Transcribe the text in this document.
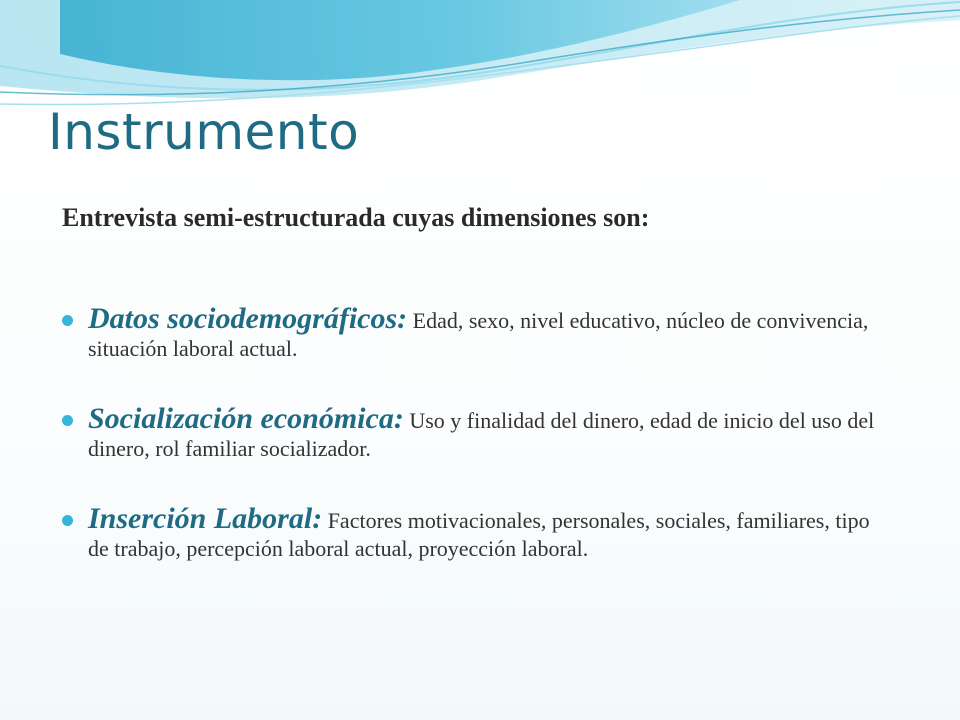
Instrumento

Entrevista semi-estructurada cuyas dimensiones son:

Datos sociodemográficos: Edad, sexo, nivel educativo, núcleo de convivencia, situación laboral actual.
Socialización económica: Uso y finalidad del dinero, edad de inicio del uso del dinero, rol familiar socializador.
Inserción Laboral: Factores motivacionales, personales, sociales, familiares, tipo de trabajo, percepción laboral actual, proyección laboral.
